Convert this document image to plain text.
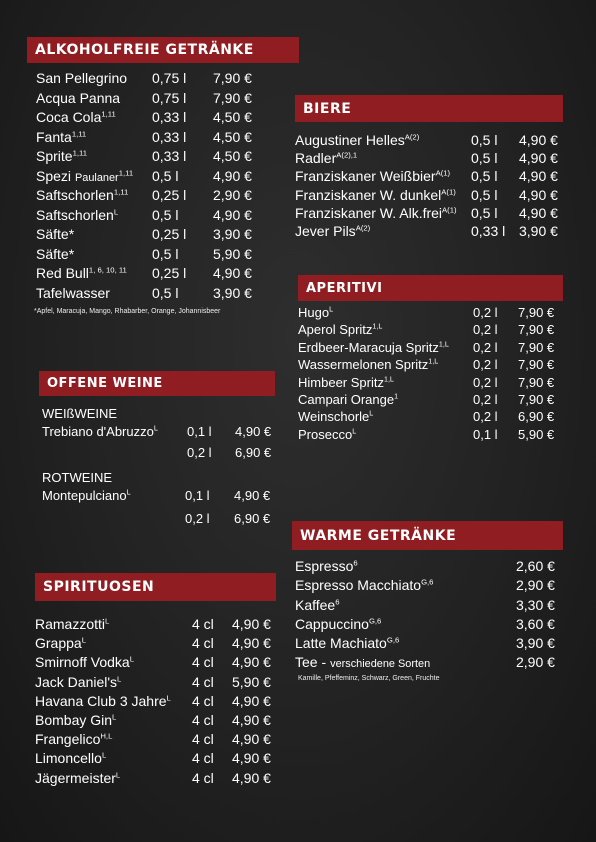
ALKOHOLFREIE GETRÄNKE
San Pellegrino 0,75 l 7,90 €
Acqua Panna 0,75 l 7,90 €
Coca Cola$^{1,11}$	0,33 l 4,50 €
Fanta$^{1,11}$	0,33 l 4,50 €
Sprite$^{1,11}$	0,33 l 4,50 €
Spezi Paulaner$^{1,11}$ 0,5 l 4,90 €
Saftschorlen$^{1,11}$ 0,25 l 2,90 €
Saftschorlen$^L$ 0,5 l 4,90 €
Säfte*	0,25 l 3,90 €
Säfte*	0,5 l 5,90 €
Red Bull$^{1, 6, 10, 11}$ 0,25 l 4,90 €
Tafelwasser	0,5 l 3,90 €
*Apfel, Maracuja, Mango, Rhabarber, Orange, Johannisbeer
OFFENE WEINE
WEIßWEINE
Trebiano d'Abruzzo$^L$ 0,1 l 4,90 €
0,2 l 6,90 €
ROTWEINE
Montepulciano$^L$	0,1 l 4,90 €
0,2 l 6,90 €
SPIRITUOSEN
Ramazzotti$^L$	4 cl 4,90 €
Grappa$^L$	4 cl 4,90 €
Smirnoff Vodka$^L$	4 cl 4,90 €
Jack $Daniel's^L$	4 cl 5,90 €
Havana Club 3 Jahre$^L$ 4 cl 4,90 €
Bombay Gin$^L$	4 cl 4,90 €
Frangelico$^{H,L}$	4 cl 4,90 €
Limoncello$^L$	4 cl 4,90 €
Jägermeister$^L$	4 cl 4,90 €
BIERE
Augustiner Helles$^{A(2)}$	0,5 l 4,90 €
Radler$^{A(2),1}$	0,5 l 4,90 €
Franziskaner Weißbier$^{A(1)}$ 0,5 l 4,90 €
Franziskaner W. dunkel$^{A(1)}$ 0,5 l 4,90 €
Franziskaner W. Alk.frei$^{A(1)}$ 0,5 l 4,90 €
Jever Pils$^{A(2)}$	0,33 l 3,90 €
APERITIVI
Hugo$^L$	0,2 l 7,90 €
Aperol Spritz$^{1,L}$	0,2 l 7,90 €
Erdbeer-Maracuja Spritz$^{1,L}$ 0,2 l 7,90 €
Wassermelonen Spritz$^{1,L}$	0,2 l 7,90 €
Himbeer Spritz$^{1,L}$	0,2 l 7,90 €
Campari Orange$^1$	0,2 l 7,90 €
Weinschorle$^L$	0,2 l 6,90 €
Prosecco$^L$	0,1 l 5,90 €
WARME GETRÄNKE
Espresso$^6$	2,60 €
Espresso Macchiato$^{G,6}$	2,90 €
Kaffee$^6$	3,30 €
Cappuccino$^{G,6}$	3,60 €
Latte Machiato$^{G,6}$	3,90 €
Tee - verschiedene Sorten	2,90 €
Kamille, Pfeffeminz, Schwarz, Green, Fruchte
